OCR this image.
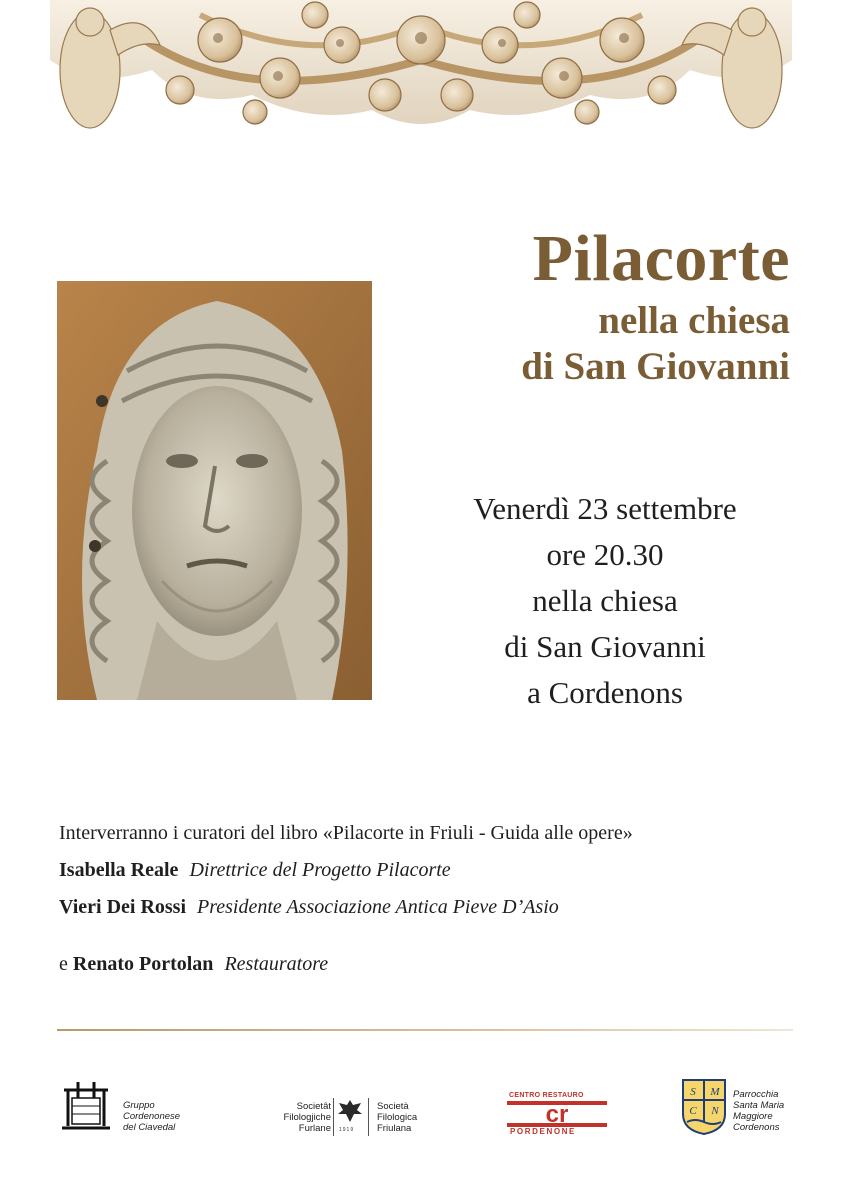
Pilacorte
nella chiesa
di San Giovanni
Venerdì 23 settembre
ore 20.30
nella chiesa
di San Giovanni
a Cordenons
Interverranno i curatori del libro «Pilacorte in Friuli - Guida alle opere»
Isabella Reale Direttrice del Progetto Pilacorte
Vieri Dei Rossi Presidente Associazione Antica Pieve D’Asio
e Renato Portolan Restauratore
Gruppo
Cordenonese
del Ciavedal
Societât
Filologjiche
Furlane 1919
Società
Filologica
Friulana
CENTRO RESTAURO
cr
PORDENONE
S M
C N
Parrocchia
Santa Maria
Maggiore
Cordenons
